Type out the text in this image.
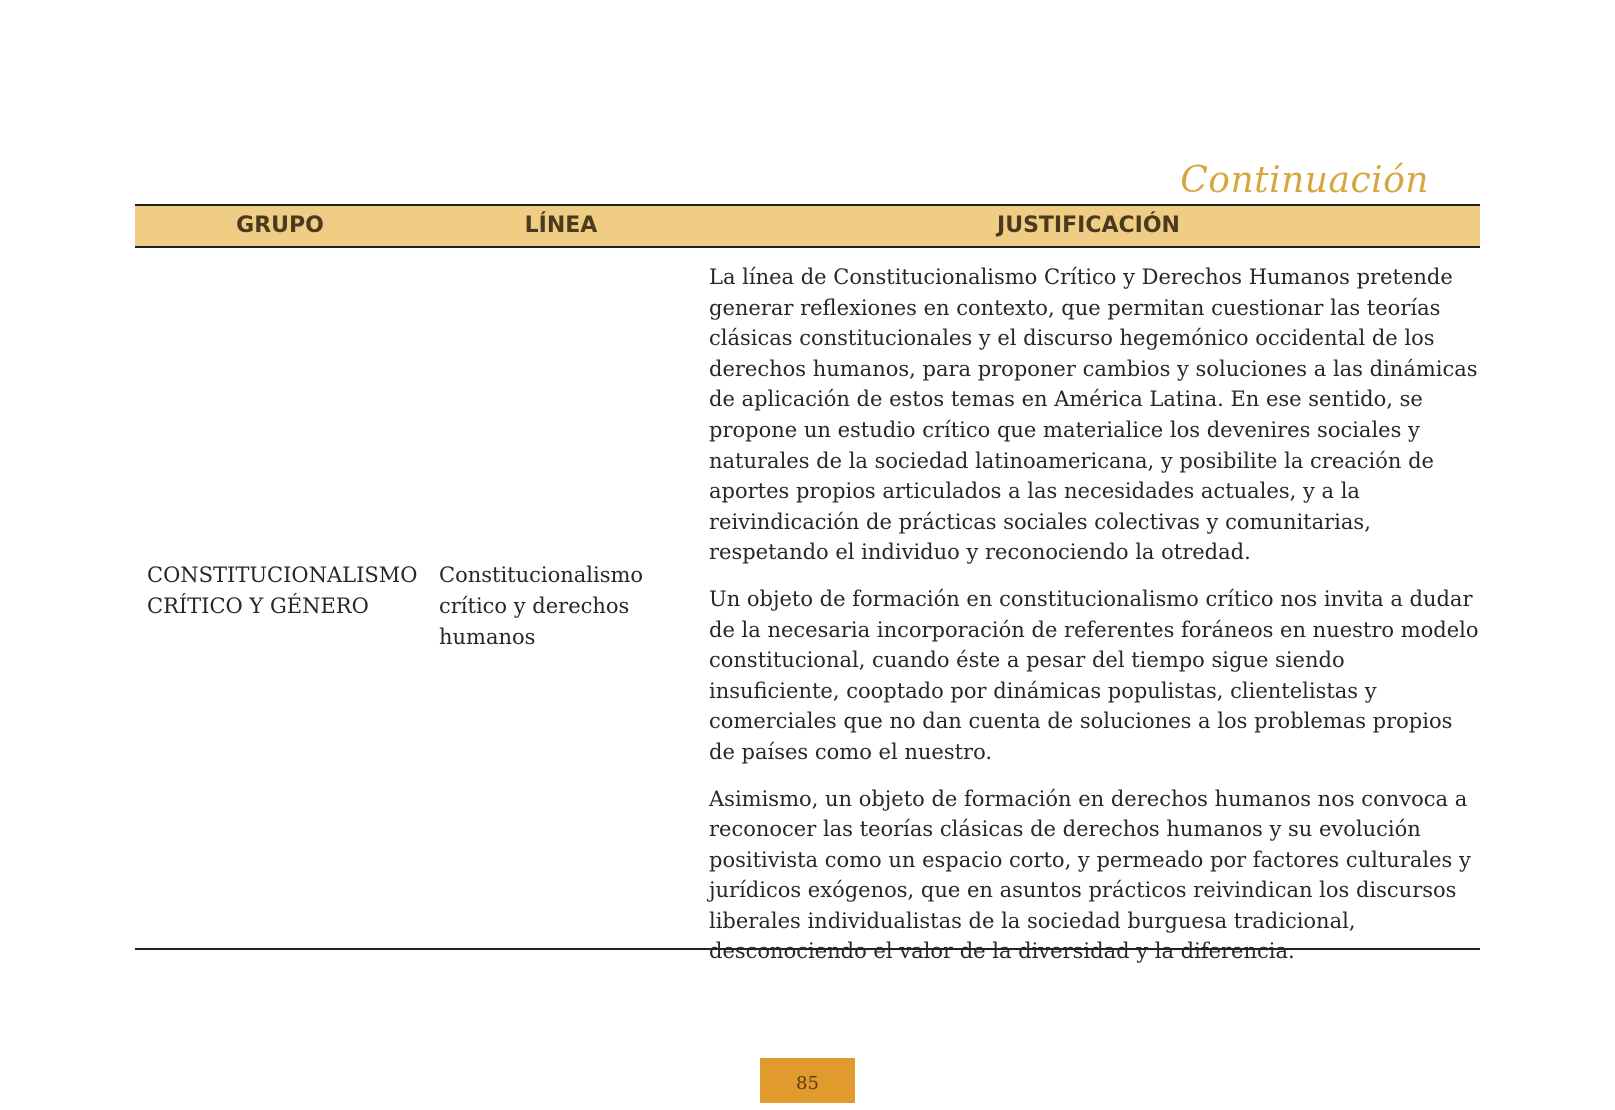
Continuación
GRUPO	LÍNEA	JUSTIFICACIÓN
CONSTITUCIONALISMO CRÍTICO Y GÉNERO
Constitucionalismo crítico y derechos humanos

La línea de Constitucionalismo Crítico y Derechos Humanos pretende generar reflexiones en contexto, que permitan cuestionar las teorías clásicas constitucionales y el discurso hegemónico occidental de los derechos humanos, para proponer cambios y soluciones a las dinámicas de aplicación de estos temas en América Latina. En ese sentido, se propone un estudio crítico que materialice los devenires sociales y naturales de la sociedad latinoamericana, y posibilite la creación de aportes propios articulados a las necesidades actuales, y a la reivindicación de prácticas sociales colectivas y comunitarias, respetando el individuo y reconociendo la otredad.

Un objeto de formación en constitucionalismo crítico nos invita a dudar de la necesaria incorporación de referentes foráneos en nuestro modelo constitucional, cuando éste a pesar del tiempo sigue siendo insuficiente, cooptado por dinámicas populistas, clientelistas y comerciales que no dan cuenta de soluciones a los problemas propios de países como el nuestro.

Asimismo, un objeto de formación en derechos humanos nos convoca a reconocer las teorías clásicas de derechos humanos y su evolución positivista como un espacio corto, y permeado por factores culturales y jurídicos exógenos, que en asuntos prácticos reivindican los discursos liberales individualistas de la sociedad burguesa tradicional, desconociendo el valor de la diversidad y la diferencia.

85
